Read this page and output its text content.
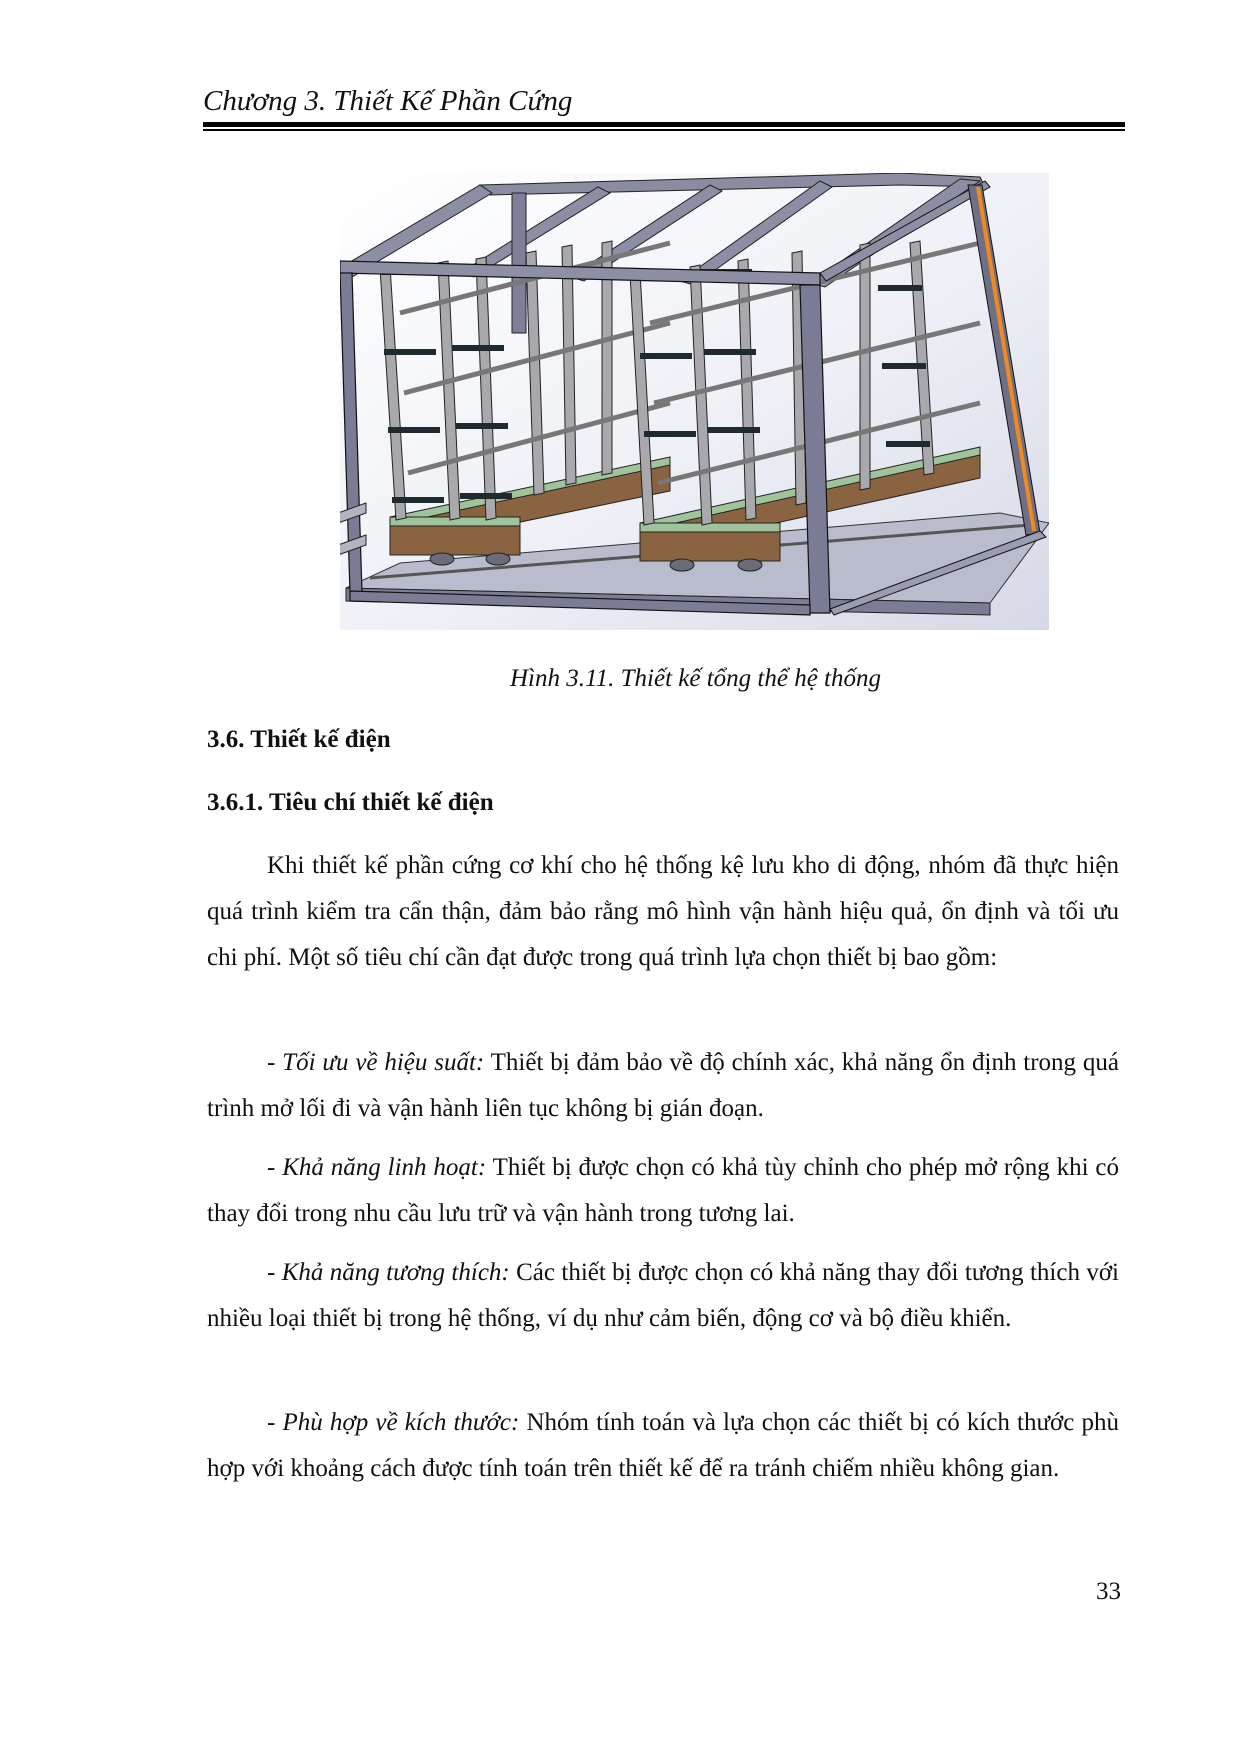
Chương 3. Thiết Kế Phần Cứng
Hình 3.11. Thiết kế tổng thể hệ thống
3.6. Thiết kế điện
3.6.1. Tiêu chí thiết kế điện
Khi thiết kế phần cứng cơ khí cho hệ thống kệ lưu kho di động, nhóm đã thực hiện quá trình kiểm tra cẩn thận, đảm bảo rằng mô hình vận hành hiệu quả, ổn định và tối ưu chi phí. Một số tiêu chí cần đạt được trong quá trình lựa chọn thiết bị bao gồm:
- Tối ưu về hiệu suất: Thiết bị đảm bảo về độ chính xác, khả năng ổn định trong quá trình mở lối đi và vận hành liên tục không bị gián đoạn.
- Khả năng linh hoạt: Thiết bị được chọn có khả tùy chỉnh cho phép mở rộng khi có thay đổi trong nhu cầu lưu trữ và vận hành trong tương lai.
- Khả năng tương thích: Các thiết bị được chọn có khả năng thay đổi tương thích với nhiều loại thiết bị trong hệ thống, ví dụ như cảm biến, động cơ và bộ điều khiển.
- Phù hợp về kích thước: Nhóm tính toán và lựa chọn các thiết bị có kích thước phù hợp với khoảng cách được tính toán trên thiết kế để ra tránh chiếm nhiều không gian.
33
